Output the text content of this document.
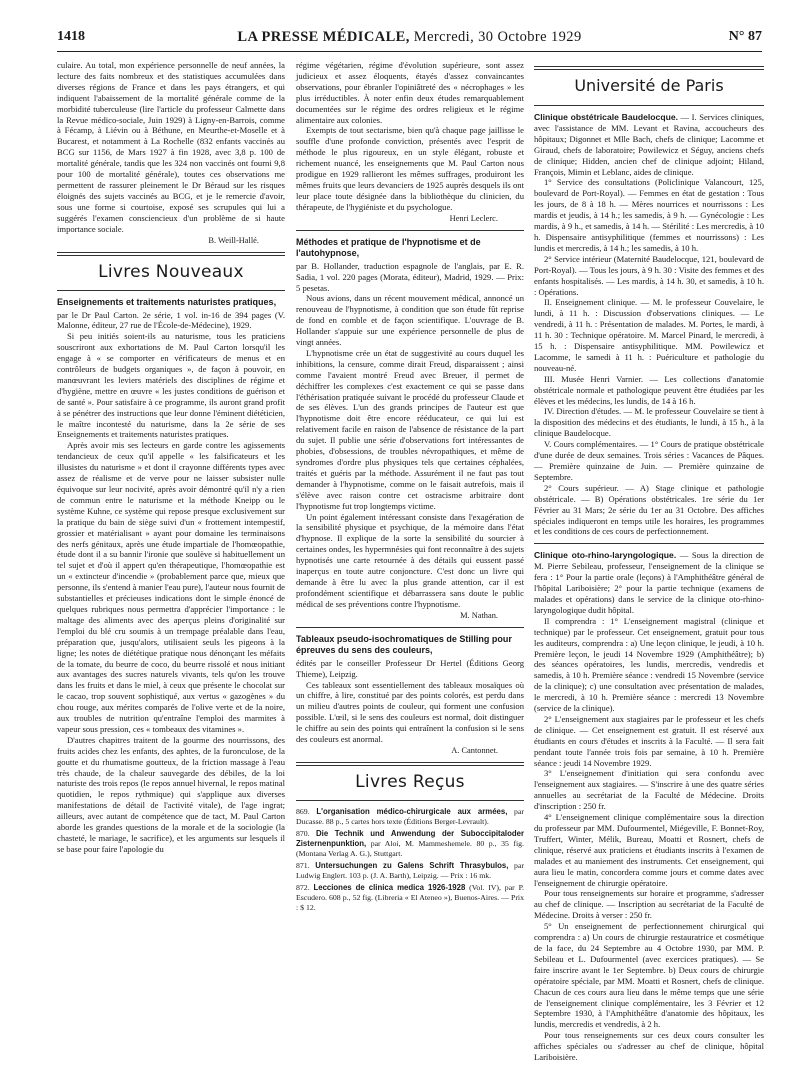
1418	LA PRESSE MÉDICALE, Mercredi, 30 Octobre 1929	N° 87

culaire. Au total, mon expérience personnelle de neuf années, la lecture des faits nombreux et des statistiques accumulées dans diverses régions de France et dans les pays étrangers, et qui indiquent l'abaissement de la mortalité générale comme de la morbidité tuberculeuse (lire l'article du professeur Calmette dans la Revue médico-sociale, Juin 1929) à Ligny-en-Barrois, comme à Fécamp, à Liévin ou à Béthune, en Meurthe-et-Moselle et à Bucarest, et notamment à La Rochelle (832 enfants vaccinés au BCG sur 1156, de Mars 1927 à fin 1928, avec 3,8 p. 100 de mortalité générale, tandis que les 324 non vaccinés ont fourni 9,8 pour 100 de mortalité générale), toutes ces observations me permettent de rassurer pleinement le Dr Béraud sur les risques éloignés des sujets vaccinés au BCG, et je le remercie d'avoir, sous une forme si courtoise, exposé ses scrupules qui lui a suggérés l'examen consciencieux d'un problème de si haute importance sociale.

B. Weill-Hallé.

Livres Nouveaux
Enseignements et traitements naturistes pratiques,

par le Dr Paul Carton. 2e série, 1 vol. in-16 de 394 pages (V. Malonne, éditeur, 27 rue de l'École-de-Médecine), 1929.

Si peu initiés soient-ils au naturisme, tous les praticiens souscriront aux exhortations de M. Paul Carton lorsqu'il les engage à « se comporter en vérificateurs de menus et en contrôleurs de budgets organiques », de façon à pouvoir, en manœuvrant les leviers matériels des disciplines de régime et d'hygiène, mettre en œuvre « les justes conditions de guérison et de santé ». Pour satisfaire à ce programme, ils auront grand profit à se pénétrer des instructions que leur donne l'éminent diététicien, le maître incontesté du naturisme, dans la 2e série de ses Enseignements et traitements naturistes pratiques.

Après avoir mis ses lecteurs en garde contre les agissements tendancieux de ceux qu'il appelle « les falsificateurs et les illusistes du naturisme » et dont il crayonne différents types avec assez de réalisme et de verve pour ne laisser subsister nulle équivoque sur leur nocivité, après avoir démontré qu'il n'y a rien de commun entre le naturisme et la méthode Kneipp ou le système Kuhne, ce système qui repose presque exclusivement sur la pratique du bain de siège suivi d'un « frottement intempestif, grossier et matérialisant » ayant pour domaine les terminaisons des nerfs génitaux, après une étude impartiale de l'homœopathie, étude dont il a su bannir l'ironie que soulève si habituellement un tel sujet et d'où il appert qu'en thérapeutique, l'homœopathie est un « extincteur d'incendie » (probablement parce que, mieux que personne, ils s'entend à manier l'eau pure), l'auteur nous fournit de substantielles et précieuses indications dont le simple énoncé de quelques rubriques nous permettra d'apprécier l'importance : le maltage des aliments avec des aperçus pleins d'originalité sur l'emploi du blé cru soumis à un trempage préalable dans l'eau, préparation que, jusqu'alors, utilisaient seuls les pigeons à la ligne; les notes de diététique pratique nous dénonçant les méfaits de la tomate, du beurre de coco, du beurre rissolé et nous initiant aux avantages des sucres naturels vivants, tels qu'on les trouve dans les fruits et dans le miel, à ceux que présente le chocolat sur le cacao, trop souvent sophistiqué, aux vertus « gazogènes » du chou rouge, aux mérites comparés de l'olive verte et de la noire, aux troubles de nutrition qu'entraîne l'emploi des marmites à vapeur sous pression, ces « tombeaux des vitamines ».

D'autres chapitres traitent de la gourme des nourrissons, des fruits acides chez les enfants, des aphtes, de la furonculose, de la goutte et du rhumatisme goutteux, de la friction massage à l'eau très chaude, de la chaleur sauvegarde des débiles, de la loi naturiste des trois repos (le repos annuel hivernal, le repos matinal quotidien, le repos rythmique) qui s'applique aux diverses manifestations de détail de l'activité vitale), de l'age ingrat; ailleurs, avec autant de compétence que de tact, M. Paul Carton aborde les grandes questions de la morale et de la sociologie (la chasteté, le mariage, le sacrifice), et les arguments sur lesquels il se base pour faire l'apologie du

régime végétarien, régime d'évolution supérieure, sont assez judicieux et assez éloquents, étayés d'assez convaincantes observations, pour ébranler l'opiniâtreté des « nécrophages » les plus irréductibles. À noter enfin deux études remarquablement documentées sur le régime des ordres religieux et le régime alimentaire aux colonies.

Exempts de tout sectarisme, bien qu'à chaque page jaillisse le souffle d'une profonde conviction, présentés avec l'esprit de méthode le plus rigoureux, en un style élégant, robuste et richement nuancé, les enseignements que M. Paul Carton nous prodigue en 1929 rallieront les mêmes suffrages, produiront les mêmes fruits que leurs devanciers de 1925 auprès desquels ils ont leur place toute désignée dans la bibliothèque du clinicien, du thérapeute, de l'hygiéniste et du psychologue.

Henri Leclerc.

Méthodes et pratique de l'hypnotisme et de l'autohypnose,

par B. Hollander, traduction espagnole de l'anglais, par E. R. Sadia, 1 vol. 220 pages (Morata, éditeur), Madrid, 1929. — Prix: 5 pesetas.

Nous avions, dans un récent mouvement médical, annoncé un renouveau de l'hypnotisme, à condition que son étude fût reprise de fond en comble et de façon scientifique. L'ouvrage de B. Hollander s'appuie sur une expérience personnelle de plus de vingt années.

L'hypnotisme crée un état de suggestivité au cours duquel les inhibitions, la censure, comme dirait Freud, disparaissent ; ainsi comme l'avaient montré Freud avec Breuer, il permet de déchiffrer les complexes c'est exactement ce qui se passe dans l'éthérisation pratiquée suivant le procédé du professeur Claude et de ses élèves. L'un des grands principes de l'auteur est que l'hypnotisme doit être encore rééducateur, ce qui lui est relativement facile en raison de l'absence de résistance de la part du sujet. Il publie une série d'observations fort intéressantes de phobies, d'obsessions, de troubles névropathiques, et même de syndromes d'ordre plus physiques tels que certaines céphalées, traités et guéris par la méthode. Assurément il ne faut pas tout demander à l'hypnotisme, comme on le faisait autrefois, mais il s'élève avec raison contre cet ostracisme arbitraire dont l'hypnotisme fut trop longtemps victime.

Un point également intéressant consiste dans l'exagération de la sensibilité physique et psychique, de la mémoire dans l'état d'hypnose. Il explique de la sorte la sensibilité du sourcier à certaines ondes, les hypermnésies qui font reconnaître à des sujets hypnotisés une carte retournée à des détails qui eussent passé inaperçus en toute autre conjoncture. C'est donc un livre qui demande à être lu avec la plus grande attention, car il est profondément scientifique et débarrassera sans doute le public médical de ses préventions contre l'hypnotisme.

M. Nathan.

Tableaux pseudo-isochromatiques de Stilling pour épreuves du sens des couleurs,

édités par le conseiller Professeur Dr Hertel (Éditions Georg Thieme), Leipzig.

Ces tableaux sont essentiellement des tableaux mosaïques où un chiffre, à lire, constitué par des points colorés, est perdu dans un milieu d'autres points de couleur, qui forment une confusion possible. L'œil, si le sens des couleurs est normal, doit distinguer le chiffre au sein des points qui entraînent la confusion si le sens des couleurs est anormal.

A. Cantonnet.

Livres Reçus

869. L'organisation médico-chirurgicale aux armées, par Ducasse. 88 p., 5 cartes hors texte (Éditions Berger-Levrault).

870. Die Technik und Anwendung der Suboccipitaloder Zisternenpunktion, par Aloi, M. Mammeshemele. 80 p., 35 fig. (Montana Verlag A. G.), Stuttgart.

871. Untersuchungen zu Galens Schrift Thrasybulos, par Ludwig Englert. 103 p. (J. A. Barth), Leipzig. — Prix : 16 mk.

872. Lecciones de clinica medica 1926-1928 (Vol. IV), par P. Escudero. 608 p., 52 fig. (Libreria « El Ateneo »), Buenos-Aires. — Prix : $ 12.

Université de Paris

Clinique obstétricale Baudelocque. — I. Services cliniques, avec l'assistance de MM. Levant et Ravina, accoucheurs des hôpitaux; Digonnet et Mlle Bach, chefs de clinique; Lacomme et Giraud, chefs de laboratoire; Powilewicz et Séguy, anciens chefs de clinique; Hidden, ancien chef de clinique adjoint; Hiland, François, Mimin et Leblanc, aides de clinique.

1° Service des consultations (Policlinique Valancourt, 125, boulevard de Port-Royal). — Femmes en état de gestation : Tous les jours, de 8 à 18 h. — Mères nourrices et nourrissons : Les mardis et jeudis, à 14 h.; les samedis, à 9 h. — Gynécologie : Les mardis, à 9 h., et samedis, à 14 h. — Stérilité : Les mercredis, à 10 h. Dispensaire antisyphilitique (femmes et nourrissons) : Les lundis et mercredis, à 14 h.; les samedis, à 10 h.

2° Service intérieur (Maternité Baudelocque, 121, boulevard de Port-Royal). — Tous les jours, à 9 h. 30 : Visite des femmes et des enfants hospitalisés. — Les mardis, à 14 h. 30, et samedis, à 10 h. : Opérations.

II. Enseignement clinique. — M. le professeur Couvelaire, le lundi, à 11 h. : Discussion d'observations cliniques. — Le vendredi, à 11 h. : Présentation de malades. M. Portes, le mardi, à 11 h. 30 : Technique opératoire. M. Marcel Pinard, le mercredi, à 15 h. : Dispensaire antisyphilitique. MM. Powilewicz et Lacomme, le samedi à 11 h. : Puériculture et pathologie du nouveau-né.

III. Musée Henri Varnier. — Les collections d'anatomie obstétricale normale et pathologique peuvent être étudiées par les élèves et les médecins, les lundis, de 14 à 16 h.

IV. Direction d'études. — M. le professeur Couvelaire se tient à la disposition des médecins et des étudiants, le lundi, à 15 h., à la clinique Baudelocque.

V. Cours complémentaires. — 1° Cours de pratique obstétricale d'une durée de deux semaines. Trois séries : Vacances de Pâques. — Première quinzaine de Juin. — Première quinzaine de Septembre.

2° Cours supérieur. — A) Stage clinique et pathologie obstétricale. — B) Opérations obstétricales. 1re série du 1er Février au 31 Mars; 2e série du 1er au 31 Octobre. Des affiches spéciales indiqueront en temps utile les horaires, les programmes et les conditions de ces cours de perfectionnement.

Clinique oto-rhino-laryngologique. — Sous la direction de M. Pierre Sebileau, professeur, l'enseignement de la clinique se fera : 1° Pour la partie orale (leçons) à l'Amphithéâtre général de l'hôpital Lariboisière; 2° pour la partie technique (examens de malades et opérations) dans le service de la clinique oto-rhino-laryngologique dudit hôpital.

Il comprendra : 1° L'enseignement magistral (clinique et technique) par le professeur. Cet enseignement, gratuit pour tous les auditeurs, comprendra : a) Une leçon clinique, le jeudi, à 10 h. Première leçon, le jeudi 14 Novembre 1929 (Amphithéâtre); b) des séances opératoires, les lundis, mercredis, vendredis et samedis, à 10 h. Première séance : vendredi 15 Novembre (service de la clinique); c) une consultation avec présentation de malades, le mercredi, à 10 h. Première séance : mercredi 13 Novembre (service de la clinique).

2° L'enseignement aux stagiaires par le professeur et les chefs de clinique. — Cet enseignement est gratuit. Il est réservé aux étudiants en cours d'études et inscrits à la Faculté. — Il sera fait pendant toute l'année trois fois par semaine, à 10 h. Première séance : jeudi 14 Novembre 1929.

3° L'enseignement d'initiation qui sera confondu avec l'enseignement aux stagiaires. — S'inscrire à une des quatre séries annuelles au secrétariat de la Faculté de Médecine. Droits d'inscription : 250 fr.

4° L'enseignement clinique complémentaire sous la direction du professeur par MM. Dufourmentel, Miégeville, F. Bonnet-Roy, Truffert, Winter, Mélik, Bureau, Moatti et Rosnert, chefs de clinique, réservé aux praticiens et étudiants inscrits à l'examen de malades et au maniement des instruments. Cet enseignement, qui aura lieu le matin, concordera comme jours et comme dates avec l'enseignement de chirurgie opératoire.

Pour tous renseignements sur horaire et programme, s'adresser au chef de clinique. — Inscription au secrétariat de la Faculté de Médecine. Droits à verser : 250 fr.

5° Un enseignement de perfectionnement chirurgical qui comprendra : a) Un cours de chirurgie restauratrice et cosmétique de la face, du 24 Septembre au 4 Octobre 1930, par MM. P. Sebileau et L. Dufourmentel (avec exercices pratiques). — Se faire inscrire avant le 1er Septembre. b) Deux cours de chirurgie opératoire spéciale, par MM. Moatti et Rosnert, chefs de clinique. Chacun de ces cours aura lieu dans le même temps que une série de l'enseignement clinique complémentaire, les 3 Février et 12 Septembre 1930, à l'Amphithéâtre d'anatomie des hôpitaux, les lundis, mercredis et vendredis, à 2 h.

Pour tous renseignements sur ces deux cours consulter les affiches spéciales ou s'adresser au chef de clinique, hôpital Lariboisière.
